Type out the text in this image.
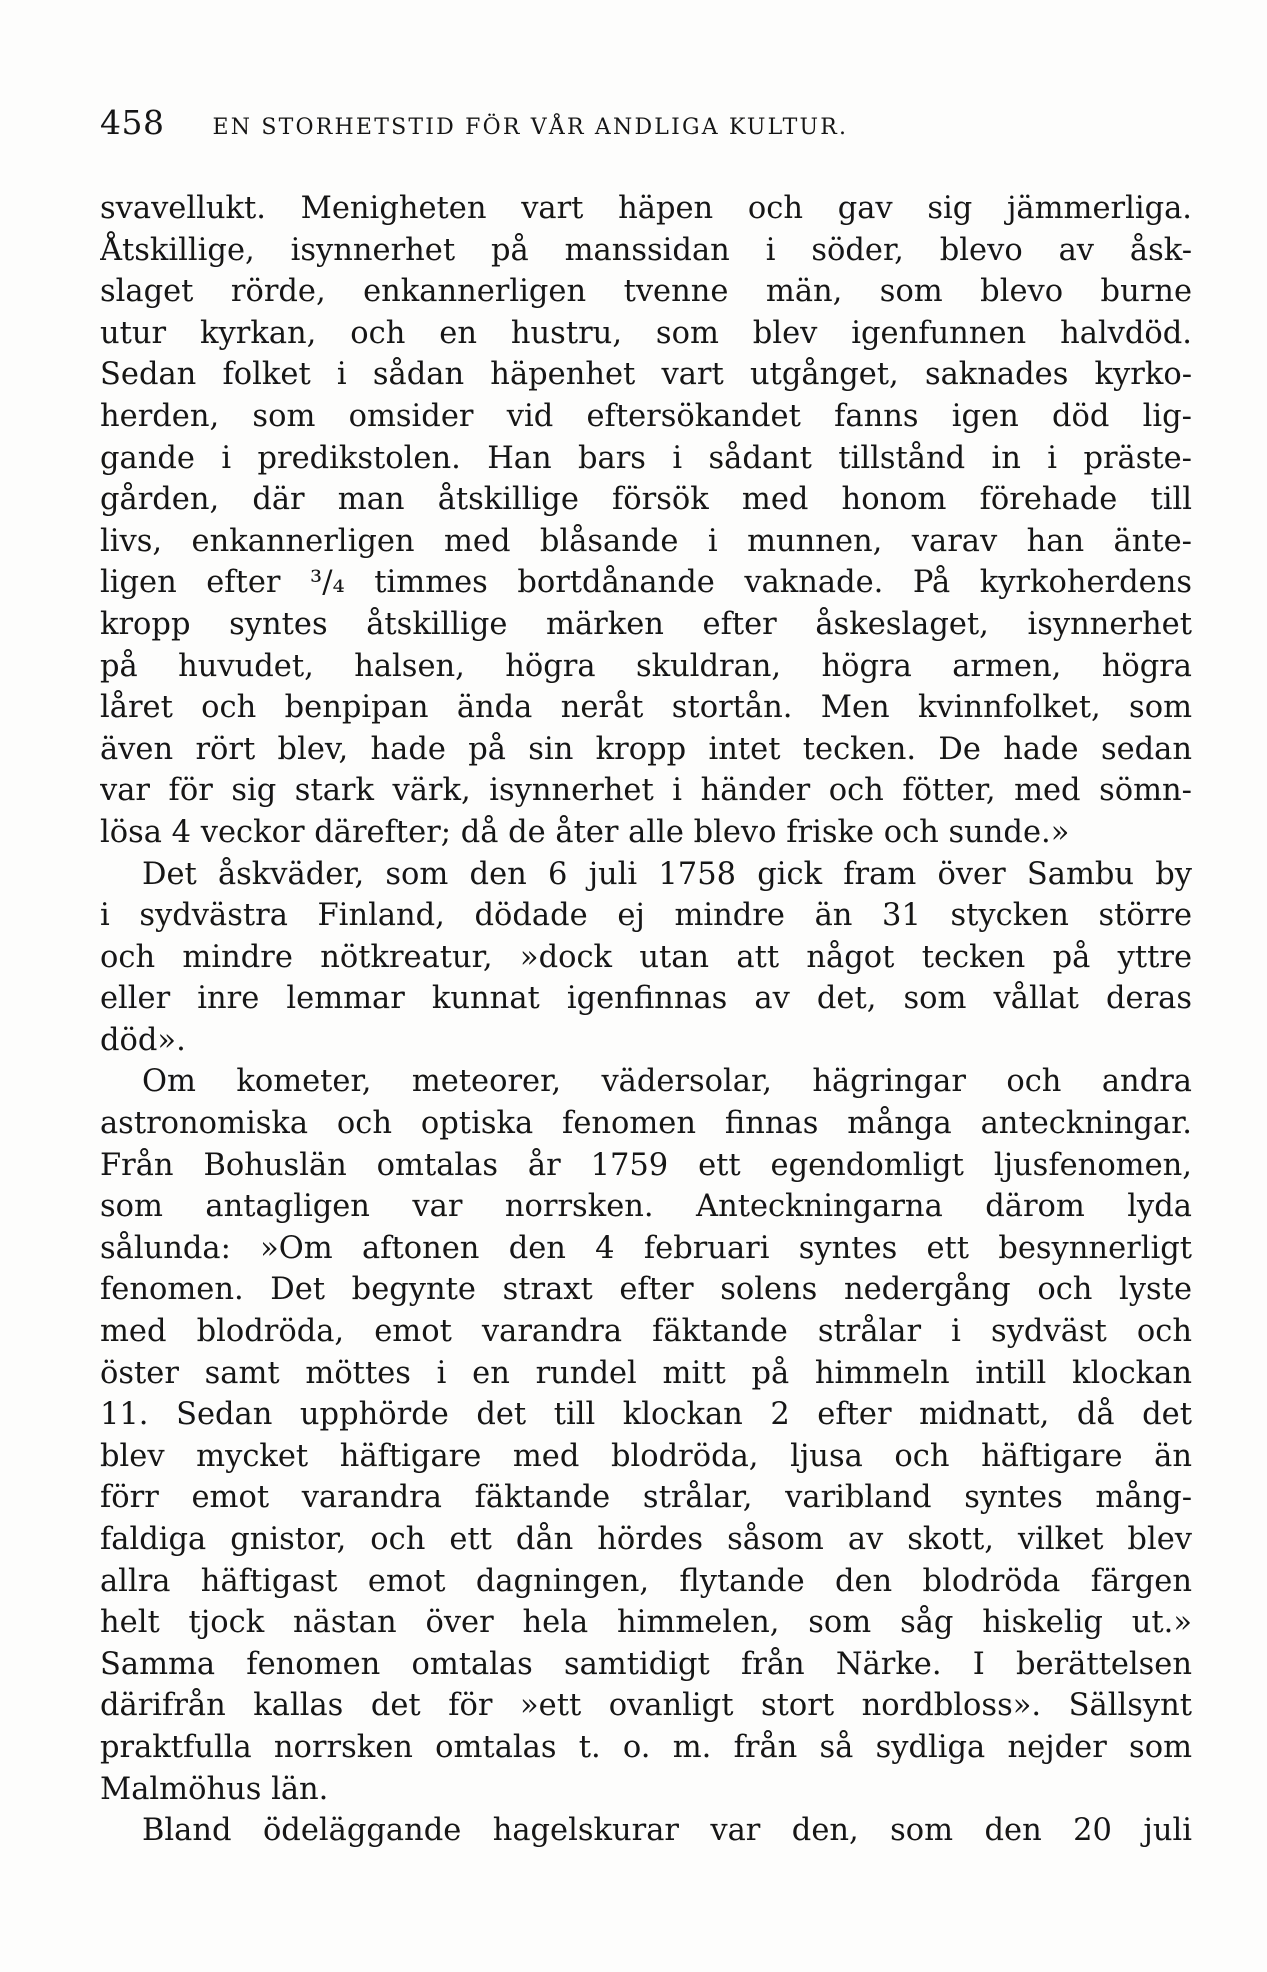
458 EN STORHETSTID FÖR VÅR ANDLIGA KULTUR.
svavellukt. Menigheten vart häpen och gav sig jämmerliga.
Åtskillige, isynnerhet på manssidan i söder, blevo av åsk-
slaget rörde, enkannerligen tvenne män, som blevo burne
utur kyrkan, och en hustru, som blev igenfunnen halvdöd.
Sedan folket i sådan häpenhet vart utgånget, saknades kyrko-
herden, som omsider vid eftersökandet fanns igen död lig-
gande i predikstolen. Han bars i sådant tillstånd in i präste-
gården, där man åtskillige försök med honom förehade till
livs, enkannerligen med blåsande i munnen, varav han änte-
ligen efter ³/₄ timmes bortdånande vaknade. På kyrkoherdens
kropp syntes åtskillige märken efter åskeslaget, isynnerhet
på huvudet, halsen, högra skuldran, högra armen, högra
låret och benpipan ända neråt stortån. Men kvinnfolket, som
även rört blev, hade på sin kropp intet tecken. De hade sedan
var för sig stark värk, isynnerhet i händer och fötter, med sömn-
lösa 4 veckor därefter; då de åter alle blevo friske och sunde.»
Det åskväder, som den 6 juli 1758 gick fram över Sambu by
i sydvästra Finland, dödade ej mindre än 31 stycken större
och mindre nötkreatur, »dock utan att något tecken på yttre
eller inre lemmar kunnat igenfinnas av det, som vållat deras
död».
Om kometer, meteorer, vädersolar, hägringar och andra
astronomiska och optiska fenomen finnas många anteckningar.
Från Bohuslän omtalas år 1759 ett egendomligt ljusfenomen,
som antagligen var norrsken. Anteckningarna därom lyda
sålunda: »Om aftonen den 4 februari syntes ett besynnerligt
fenomen. Det begynte straxt efter solens nedergång och lyste
med blodröda, emot varandra fäktande strålar i sydväst och
öster samt möttes i en rundel mitt på himmeln intill klockan
11. Sedan upphörde det till klockan 2 efter midnatt, då det
blev mycket häftigare med blodröda, ljusa och häftigare än
förr emot varandra fäktande strålar, varibland syntes mång-
faldiga gnistor, och ett dån hördes såsom av skott, vilket blev
allra häftigast emot dagningen, flytande den blodröda färgen
helt tjock nästan över hela himmelen, som såg hiskelig ut.»
Samma fenomen omtalas samtidigt från Närke. I berättelsen
därifrån kallas det för »ett ovanligt stort nordbloss». Sällsynt
praktfulla norrsken omtalas t. o. m. från så sydliga nejder som
Malmöhus län.
Bland ödeläggande hagelskurar var den, som den 20 juli
